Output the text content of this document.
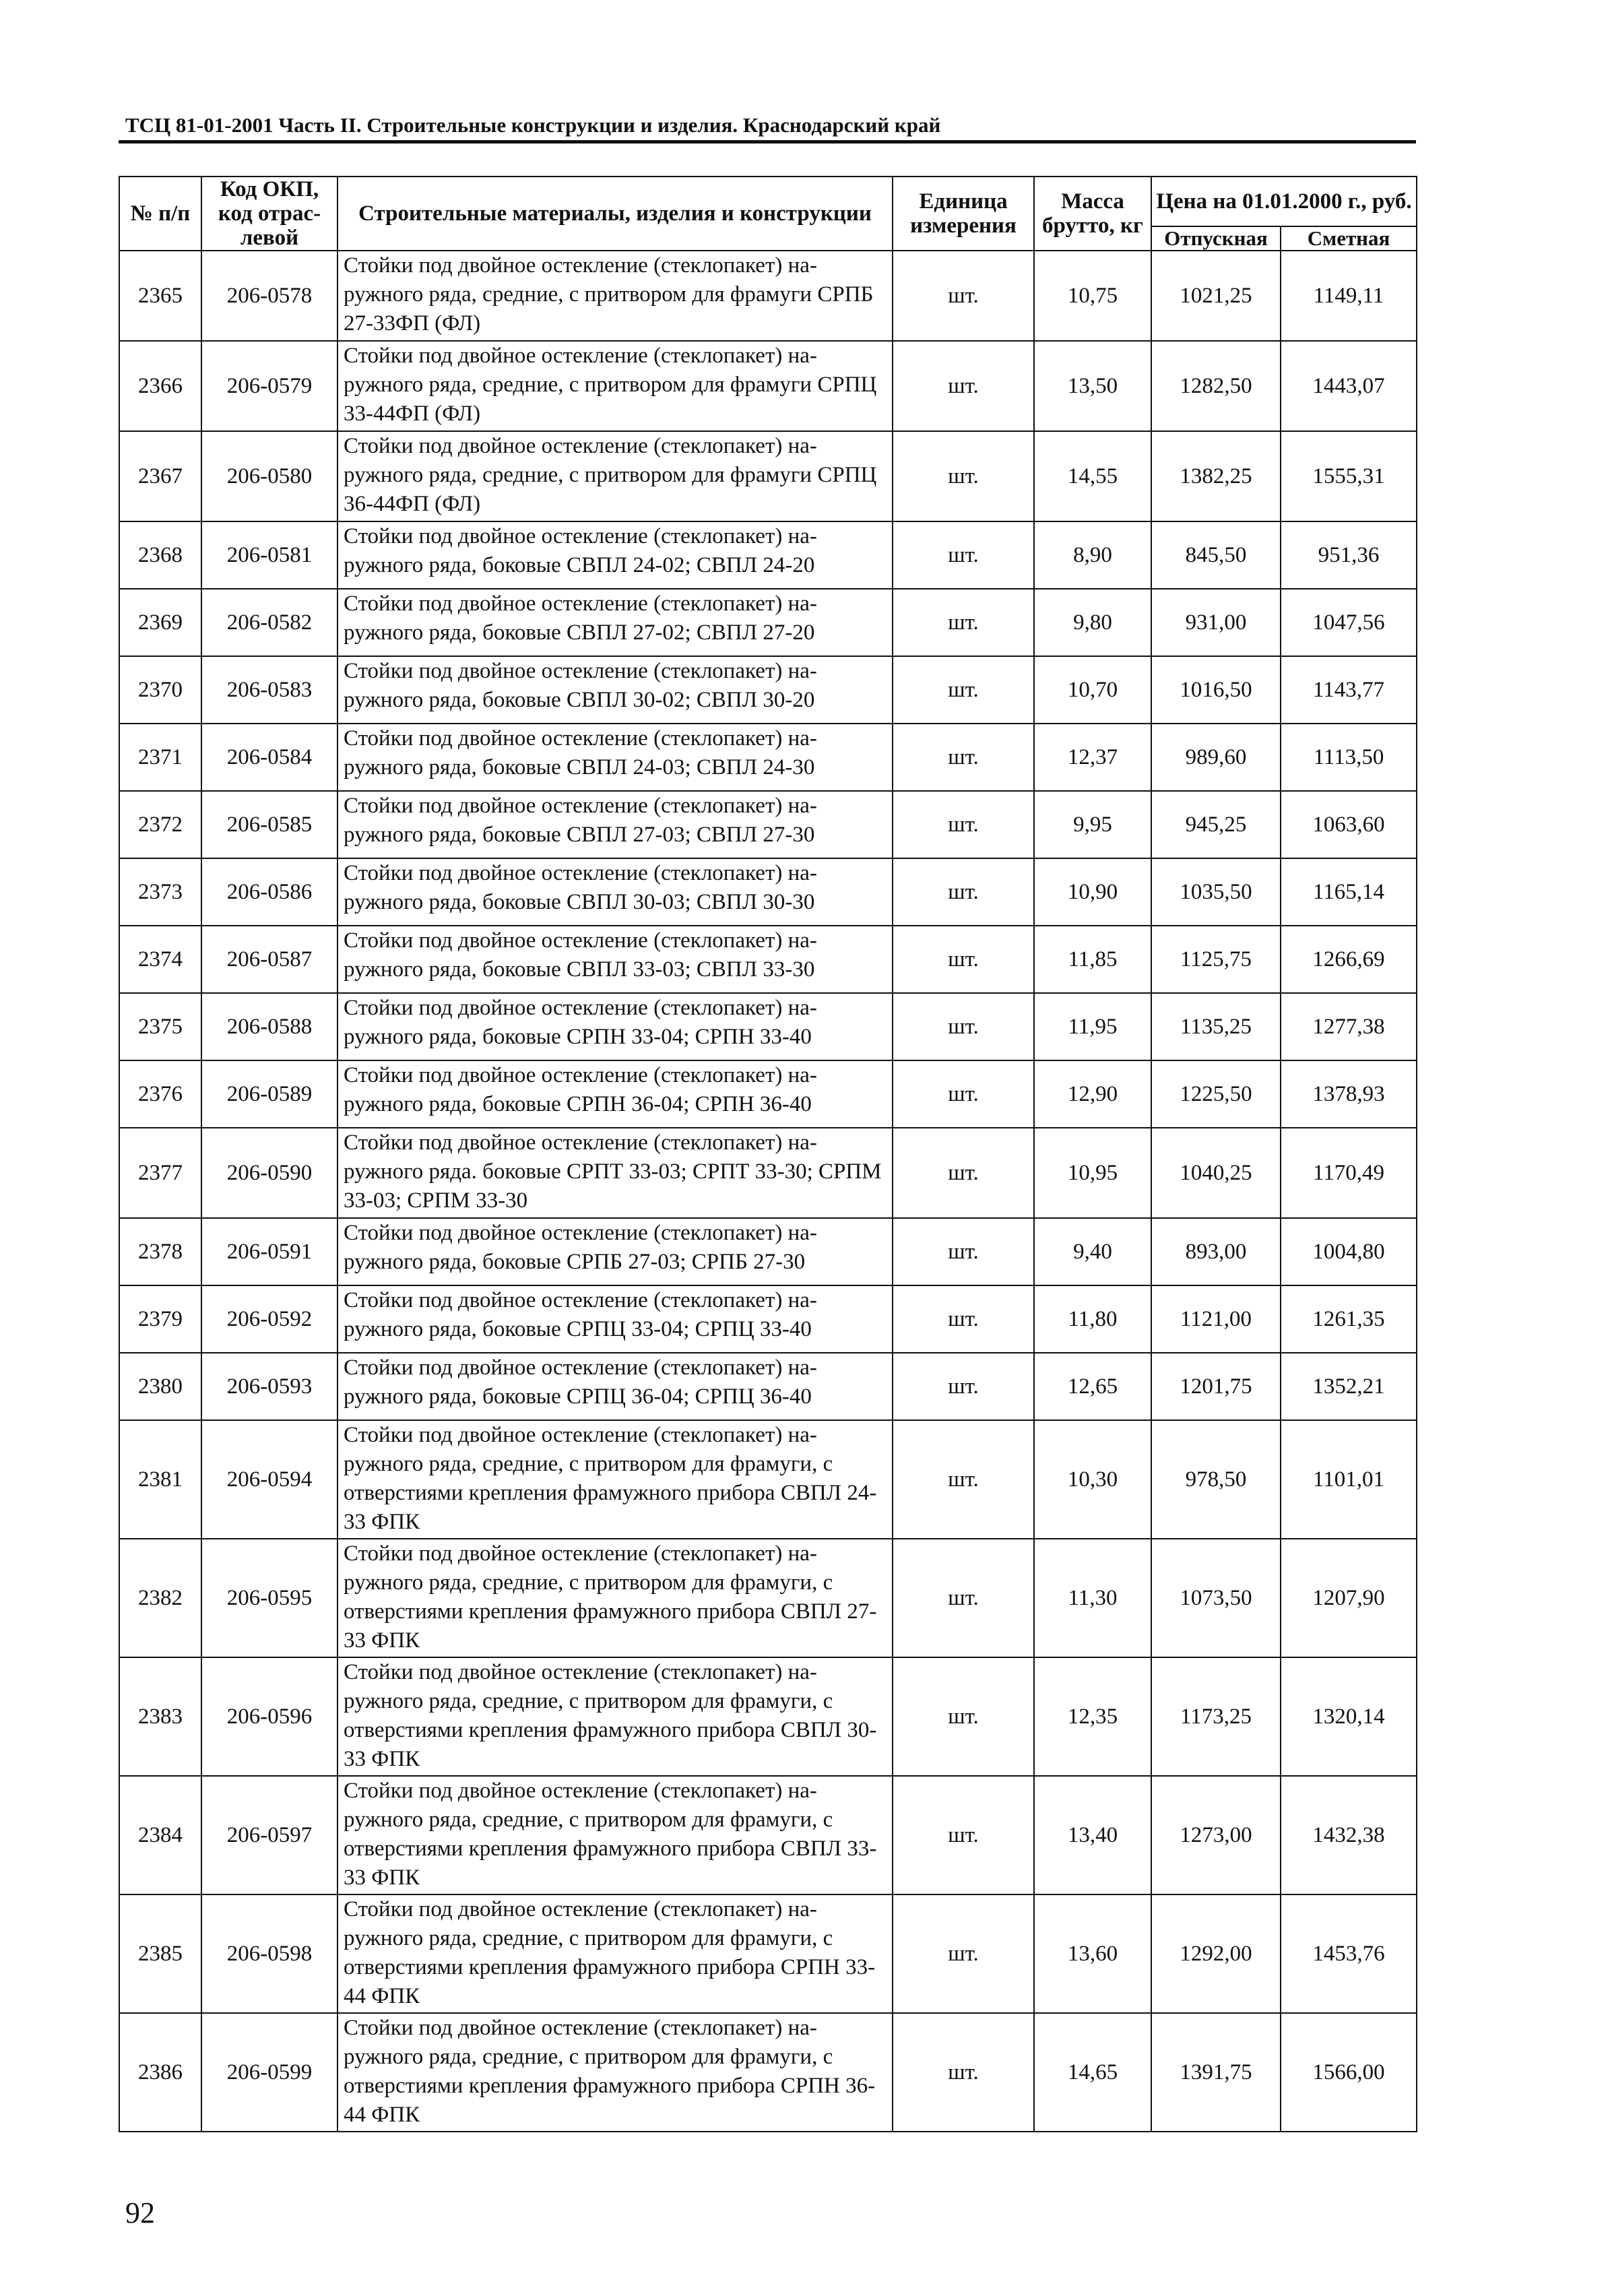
ТСЦ 81-01-2001 Часть II. Строительные конструкции и изделия. Краснодарский край
№ п/п	Код ОКП, код отрас-левой	Строительные материалы, изделия и конструкции	Единица измерения	Масса брутто, кг	Цена на 01.01.2000 г., руб.	
					Отпускная	Сметная
2365	206-0578	Стойки под двойное остекление (стеклопакет) на-ружного ряда, средние, с притвором для фрамуги СРПБ 27-33ФП (ФЛ)	шт.	10,75	1021,25	1149,11
2366	206-0579	Стойки под двойное остекление (стеклопакет) на-ружного ряда, средние, с притвором для фрамуги СРПЦ 33-44ФП (ФЛ)	шт.	13,50	1282,50	1443,07
2367	206-0580	Стойки под двойное остекление (стеклопакет) на-ружного ряда, средние, с притвором для фрамуги СРПЦ 36-44ФП (ФЛ)	шт.	14,55	1382,25	1555,31
2368	206-0581	Стойки под двойное остекление (стеклопакет) на-ружного ряда, боковые СВПЛ 24-02; СВПЛ 24-20	шт.	8,90	845,50	951,36
2369	206-0582	Стойки под двойное остекление (стеклопакет) на-ружного ряда, боковые СВПЛ 27-02; СВПЛ 27-20	шт.	9,80	931,00	1047,56
2370	206-0583	Стойки под двойное остекление (стеклопакет) на-ружного ряда, боковые СВПЛ 30-02; СВПЛ 30-20	шт.	10,70	1016,50	1143,77
2371	206-0584	Стойки под двойное остекление (стеклопакет) на-ружного ряда, боковые СВПЛ 24-03; СВПЛ 24-30	шт.	12,37	989,60	1113,50
2372	206-0585	Стойки под двойное остекление (стеклопакет) на-ружного ряда, боковые СВПЛ 27-03; СВПЛ 27-30	шт.	9,95	945,25	1063,60
2373	206-0586	Стойки под двойное остекление (стеклопакет) на-ружного ряда, боковые СВПЛ 30-03; СВПЛ 30-30	шт.	10,90	1035,50	1165,14
2374	206-0587	Стойки под двойное остекление (стеклопакет) на-ружного ряда, боковые СВПЛ 33-03; СВПЛ 33-30	шт.	11,85	1125,75	1266,69
2375	206-0588	Стойки под двойное остекление (стеклопакет) на-ружного ряда, боковые СРПН 33-04; СРПН 33-40	шт.	11,95	1135,25	1277,38
2376	206-0589	Стойки под двойное остекление (стеклопакет) на-ружного ряда, боковые СРПН 36-04; СРПН 36-40	шт.	12,90	1225,50	1378,93
2377	206-0590	Стойки под двойное остекление (стеклопакет) на-ружного ряда. боковые СРПТ 33-03; СРПТ 33-30; СРПМ 33-03; СРПМ 33-30	шт.	10,95	1040,25	1170,49
2378	206-0591	Стойки под двойное остекление (стеклопакет) на-ружного ряда, боковые СРПБ 27-03; СРПБ 27-30	шт.	9,40	893,00	1004,80
2379	206-0592	Стойки под двойное остекление (стеклопакет) на-ружного ряда, боковые СРПЦ 33-04; СРПЦ 33-40	шт.	11,80	1121,00	1261,35
2380	206-0593	Стойки под двойное остекление (стеклопакет) на-ружного ряда, боковые СРПЦ 36-04; СРПЦ 36-40	шт.	12,65	1201,75	1352,21
2381	206-0594	Стойки под двойное остекление (стеклопакет) на-ружного ряда, средние, с притвором для фрамуги, с отверстиями крепления фрамужного прибора СВПЛ 24-33 ФПК	шт.	10,30	978,50	1101,01
2382	206-0595	Стойки под двойное остекление (стеклопакет) на-ружного ряда, средние, с притвором для фрамуги, с отверстиями крепления фрамужного прибора СВПЛ 27-33 ФПК	шт.	11,30	1073,50	1207,90
2383	206-0596	Стойки под двойное остекление (стеклопакет) на-ружного ряда, средние, с притвором для фрамуги, с отверстиями крепления фрамужного прибора СВПЛ 30-33 ФПК	шт.	12,35	1173,25	1320,14
2384	206-0597	Стойки под двойное остекление (стеклопакет) на-ружного ряда, средние, с притвором для фрамуги, с отверстиями крепления фрамужного прибора СВПЛ 33-33 ФПК	шт.	13,40	1273,00	1432,38
2385	206-0598	Стойки под двойное остекление (стеклопакет) на-ружного ряда, средние, с притвором для фрамуги, с отверстиями крепления фрамужного прибора СРПН 33-44 ФПК	шт.	13,60	1292,00	1453,76
2386	206-0599	Стойки под двойное остекление (стеклопакет) на-ружного ряда, средние, с притвором для фрамуги, с отверстиями крепления фрамужного прибора СРПН 36-44 ФПК	шт.	14,65	1391,75	1566,00
92
